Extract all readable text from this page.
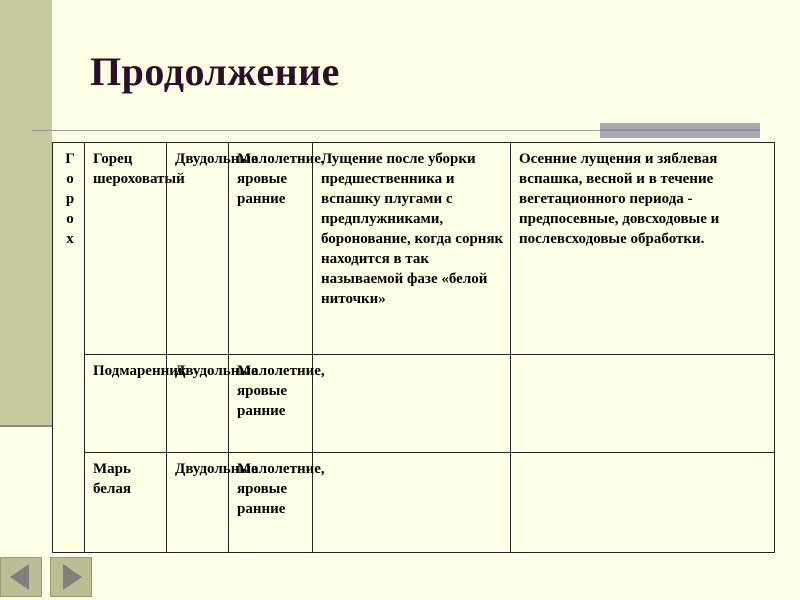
Продолжение
Горох	Горец шероховатый	Двудольные	Малолетние, яровые ранние	Лущение после уборки предшественника и вспашку плугами с предплужниками, боронование, когда сорняк находится в так называемой фазе «белой ниточки»	Осенние лущения и зяблевая вспашка, весной и в течение вегетационного периода - предпосевные, довсходовые и послевсходовые обработки.
	Подмаренник	Двудольные	Малолетние, яровые ранние		
	Марь белая	Двудольные	Малолетние, яровые ранние		
